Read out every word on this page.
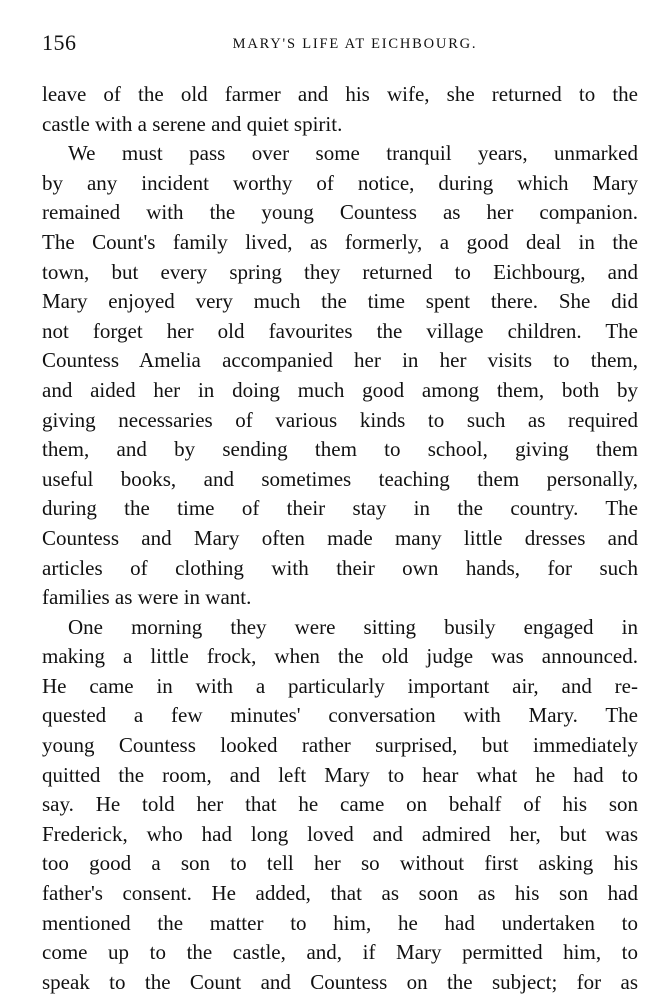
156	MARY'S LIFE AT EICHBOURG.
leave of the old farmer and his wife, she returned to the
castle with a serene and quiet spirit.
We must pass over some tranquil years, unmarked
by any incident worthy of notice, during which Mary
remained with the young Countess as her companion.
The Count's family lived, as formerly, a good deal in the
town, but every spring they returned to Eichbourg, and
Mary enjoyed very much the time spent there. She did
not forget her old favourites the village children. The
Countess Amelia accompanied her in her visits to them,
and aided her in doing much good among them, both by
giving necessaries of various kinds to such as required
them, and by sending them to school, giving them
useful books, and sometimes teaching them personally,
during the time of their stay in the country. The
Countess and Mary often made many little dresses and
articles of clothing with their own hands, for such
families as were in want.
One morning they were sitting busily engaged in
making a little frock, when the old judge was announced.
He came in with a particularly important air, and re-
quested a few minutes' conversation with Mary. The
young Countess looked rather surprised, but immediately
quitted the room, and left Mary to hear what he had to
say. He told her that he came on behalf of his son
Frederick, who had long loved and admired her, but was
too good a son to tell her so without first asking his
father's consent. He added, that as soon as his son had
mentioned the matter to him, he had undertaken to
come up to the castle, and, if Mary permitted him, to
speak to the Count and Countess on the subject; for as
